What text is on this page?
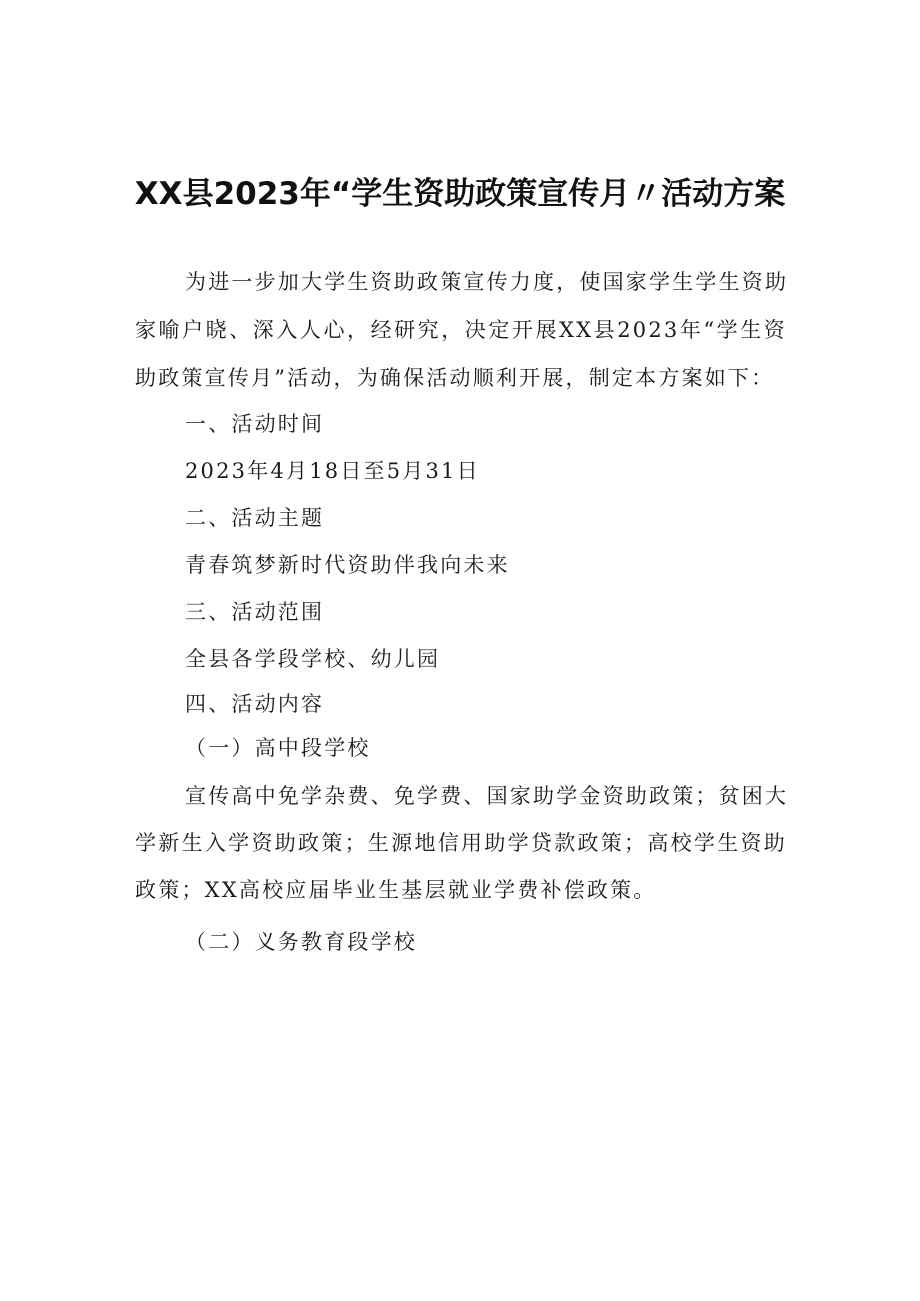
XX县2023年“学生资助政策宣传月〃活动方案
为进一步加大学生资助政策宣传力度，使国家学生学生资助
家喻户晓、深入人心，经研究，决定开展XX县2023年“学生资
助政策宣传月”活动，为确保活动顺利开展，制定本方案如下：
一、活动时间
2023年4月18日至5月31日
二、活动主题
青春筑梦新时代资助伴我向未来
三、活动范围
全县各学段学校、幼儿园
四、活动内容
（一）高中段学校
宣传高中免学杂费、免学费、国家助学金资助政策；贫困大
学新生入学资助政策；生源地信用助学贷款政策；高校学生资助
政策；XX高校应届毕业生基层就业学费补偿政策。
（二）义务教育段学校
